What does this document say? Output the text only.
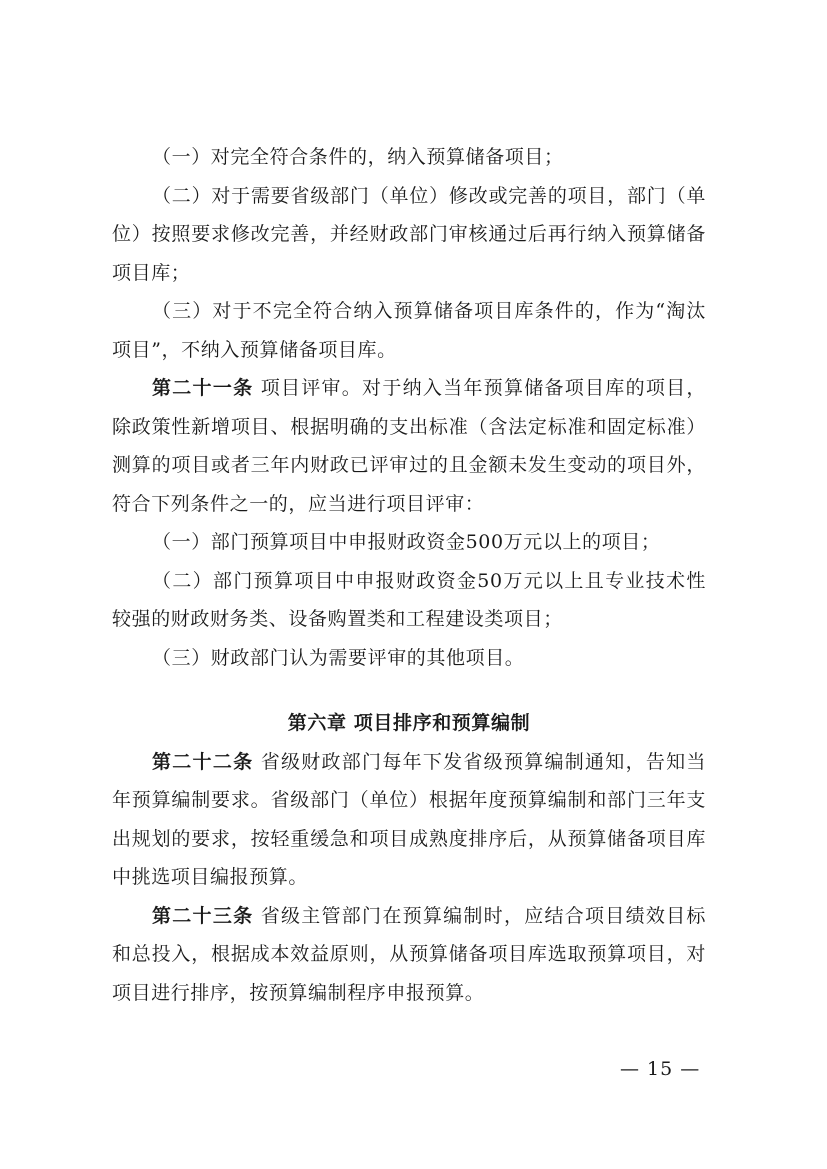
（一）对完全符合条件的，纳入预算储备项目；

（二）对于需要省级部门（单位）修改或完善的项目，部门（单位）按照要求修改完善，并经财政部门审核通过后再行纳入预算储备项目库；

（三）对于不完全符合纳入预算储备项目库条件的，作为“淘汰项目”，不纳入预算储备项目库。

第二十一条 项目评审。对于纳入当年预算储备项目库的项目，除政策性新增项目、根据明确的支出标准（含法定标准和固定标准）测算的项目或者三年内财政已评审过的且金额未发生变动的项目外，符合下列条件之一的，应当进行项目评审：

（一）部门预算项目中申报财政资金500万元以上的项目；

（二）部门预算项目中申报财政资金50万元以上且专业技术性较强的财政财务类、设备购置类和工程建设类项目；

（三）财政部门认为需要评审的其他项目。

第六章 项目排序和预算编制

第二十二条 省级财政部门每年下发省级预算编制通知，告知当年预算编制要求。省级部门（单位）根据年度预算编制和部门三年支出规划的要求，按轻重缓急和项目成熟度排序后，从预算储备项目库中挑选项目编报预算。

第二十三条 省级主管部门在预算编制时，应结合项目绩效目标和总投入，根据成本效益原则，从预算储备项目库选取预算项目，对项目进行排序，按预算编制程序申报预算。

— 15 —
